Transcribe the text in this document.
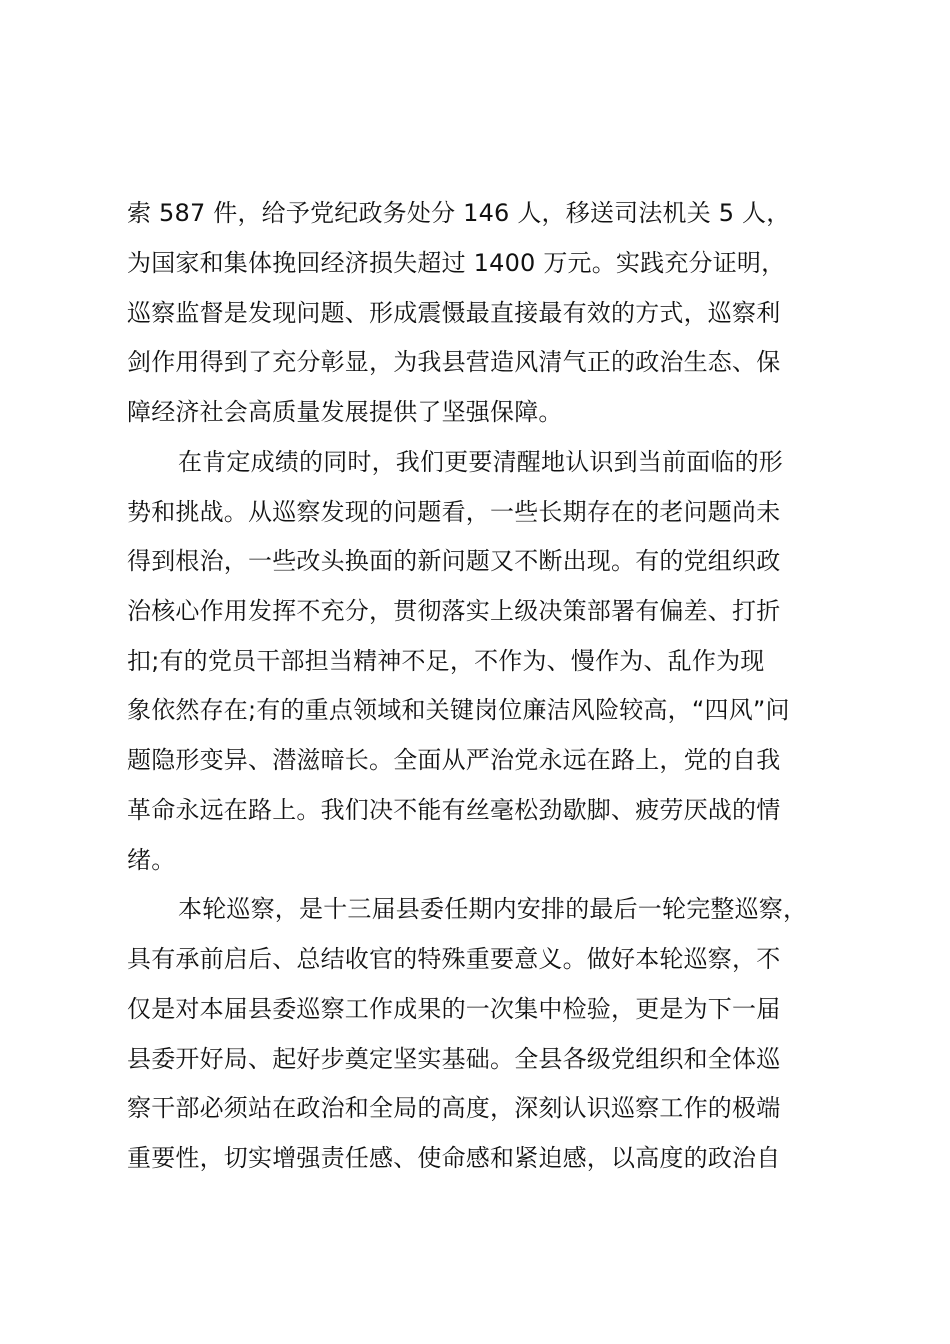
索 587 件，给予党纪政务处分 146 人，移送司法机关 5 人，
为国家和集体挽回经济损失超过 1400 万元。实践充分证明，
巡察监督是发现问题、形成震慑最直接最有效的方式，巡察利
剑作用得到了充分彰显，为我县营造风清气正的政治生态、保
障经济社会高质量发展提供了坚强保障。
在肯定成绩的同时，我们更要清醒地认识到当前面临的形
势和挑战。从巡察发现的问题看，一些长期存在的老问题尚未
得到根治，一些改头换面的新问题又不断出现。有的党组织政
治核心作用发挥不充分，贯彻落实上级决策部署有偏差、打折
扣;有的党员干部担当精神不足，不作为、慢作为、乱作为现
象依然存在;有的重点领域和关键岗位廉洁风险较高，“四风”问
题隐形变异、潜滋暗长。全面从严治党永远在路上，党的自我
革命永远在路上。我们决不能有丝毫松劲歇脚、疲劳厌战的情
绪。
本轮巡察，是十三届县委任期内安排的最后一轮完整巡察，
具有承前启后、总结收官的特殊重要意义。做好本轮巡察，不
仅是对本届县委巡察工作成果的一次集中检验，更是为下一届
县委开好局、起好步奠定坚实基础。全县各级党组织和全体巡
察干部必须站在政治和全局的高度，深刻认识巡察工作的极端
重要性，切实增强责任感、使命感和紧迫感，以高度的政治自
